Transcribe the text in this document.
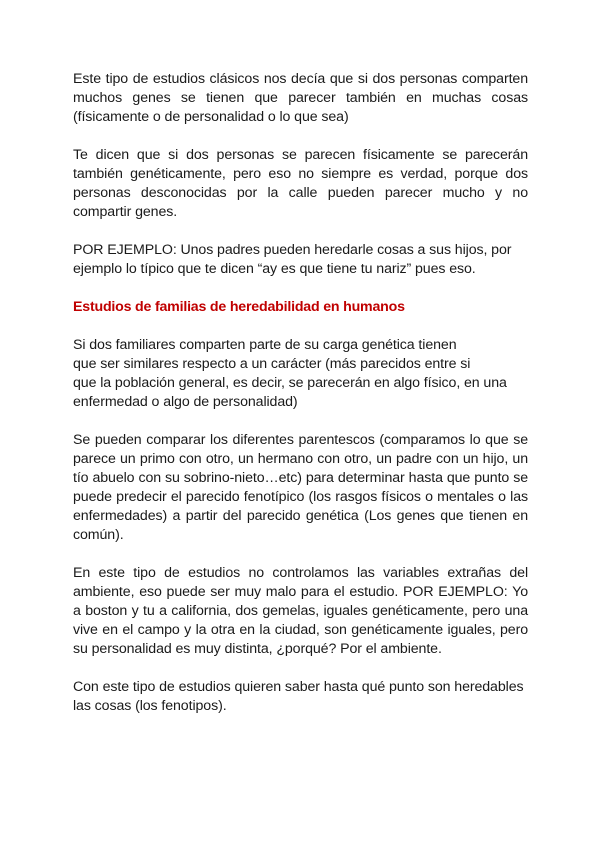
Este tipo de estudios clásicos nos decía que si dos personas comparten muchos genes se tienen que parecer también en muchas cosas (físicamente o de personalidad o lo que sea)

Te dicen que si dos personas se parecen físicamente se parecerán también genéticamente, pero eso no siempre es verdad, porque dos personas desconocidas por la calle pueden parecer mucho y no compartir genes.

POR EJEMPLO: Unos padres pueden heredarle cosas a sus hijos, por ejemplo lo típico que te dicen “ay es que tiene tu nariz” pues eso.

Estudios de familias de heredabilidad en humanos

Si dos familiares comparten parte de su carga genética tienen
que ser similares respecto a un carácter (más parecidos entre si
que la población general, es decir, se parecerán en algo físico, en una enfermedad o algo de personalidad)

Se pueden comparar los diferentes parentescos (comparamos lo que se parece un primo con otro, un hermano con otro, un padre con un hijo, un tío abuelo con su sobrino-nieto…etc) para determinar hasta que punto se puede predecir el parecido fenotípico (los rasgos físicos o mentales o las enfermedades) a partir del parecido genética (Los genes que tienen en común).

En este tipo de estudios no controlamos las variables extrañas del ambiente, eso puede ser muy malo para el estudio. POR EJEMPLO: Yo a boston y tu a california, dos gemelas, iguales genéticamente, pero una vive en el campo y la otra en la ciudad, son genéticamente iguales, pero su personalidad es muy distinta, ¿porqué? Por el ambiente.

Con este tipo de estudios quieren saber hasta qué punto son heredables las cosas (los fenotipos).
